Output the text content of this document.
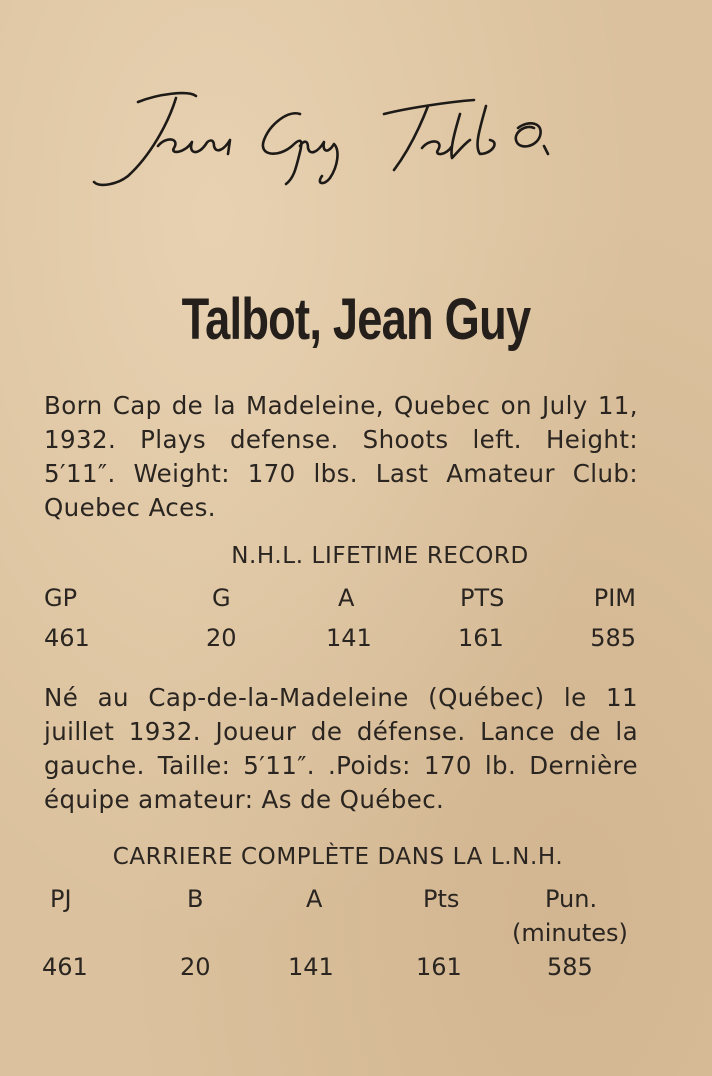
Talbot, Jean Guy
Born Cap de la Madeleine, Quebec on July 11, 1932. Plays defense. Shoots left. Height: 5′11″. Weight: 170 lbs. Last Amateur Club: Quebec Aces.
N.H.L. LIFETIME RECORD
GP	G	A	PTS	PIM
461	20	141	161	585
Né au Cap-de-la-Madeleine (Québec) le 11 juillet 1932. Joueur de défense. Lance de la gauche. Taille: 5′11″. .Poids: 170 lb. Dernière équipe amateur: As de Québec.
CARRIERE COMPLÈTE DANS LA L.N.H.
PJ	B	A	Pts	Pun.
(minutes)
461	20	141	161	585
